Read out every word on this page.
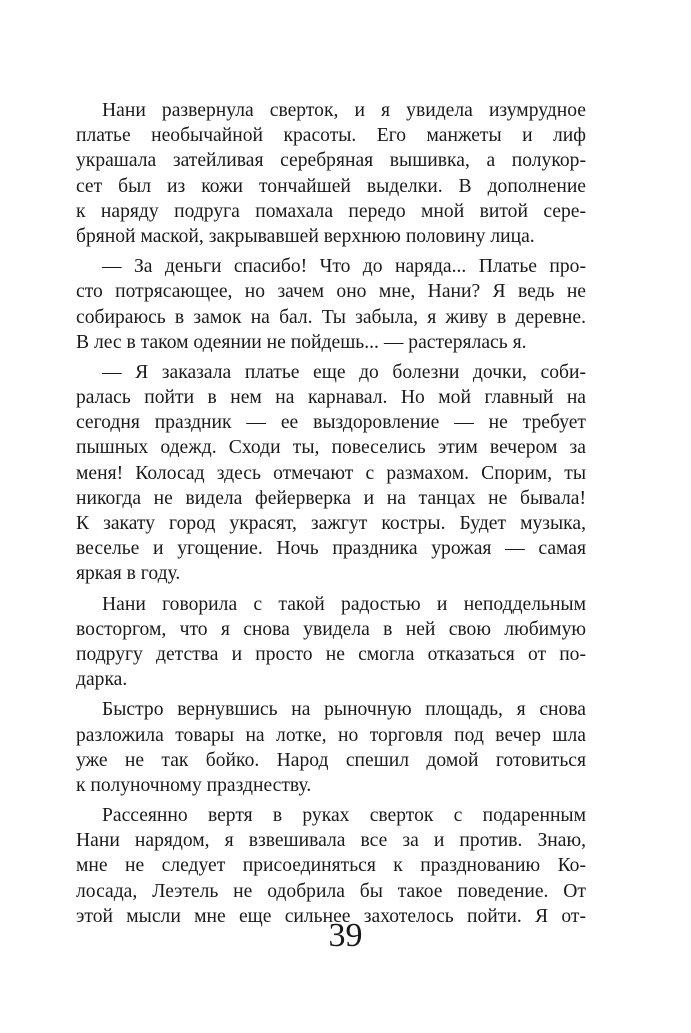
Нани развернула сверток, и я увидела изумрудное
платье необычайной красоты. Его манжеты и лиф
украшала затейливая серебряная вышивка, а полукор-
сет был из кожи тончайшей выделки. В дополнение
к наряду подруга помахала передо мной витой сере-
бряной маской, закрывавшей верхнюю половину лица.

— За деньги спасибо! Что до наряда... Платье про-
сто потрясающее, но зачем оно мне, Нани? Я ведь не
собираюсь в замок на бал. Ты забыла, я живу в деревне.
В лес в таком одеянии не пойдешь... — растерялась я.

— Я заказала платье еще до болезни дочки, соби-
ралась пойти в нем на карнавал. Но мой главный на
сегодня праздник — ее выздоровление — не требует
пышных одежд. Сходи ты, повеселись этим вечером за
меня! Колосад здесь отмечают с размахом. Спорим, ты
никогда не видела фейерверка и на танцах не бывала!
К закату город украсят, зажгут костры. Будет музыка,
веселье и угощение. Ночь праздника урожая — самая
яркая в году.

Нани говорила с такой радостью и неподдельным
восторгом, что я снова увидела в ней свою любимую
подругу детства и просто не смогла отказаться от по-
дарка.

Быстро вернувшись на рыночную площадь, я снова
разложила товары на лотке, но торговля под вечер шла
уже не так бойко. Народ спешил домой готовиться
к полуночному празднеству.

Рассеянно вертя в руках сверток с подаренным
Нани нарядом, я взвешивала все за и против. Знаю,
мне не следует присоединяться к празднованию Ко-
лосада, Леэтель не одобрила бы такое поведение. От
этой мысли мне еще сильнее захотелось пойти. Я от-

39
